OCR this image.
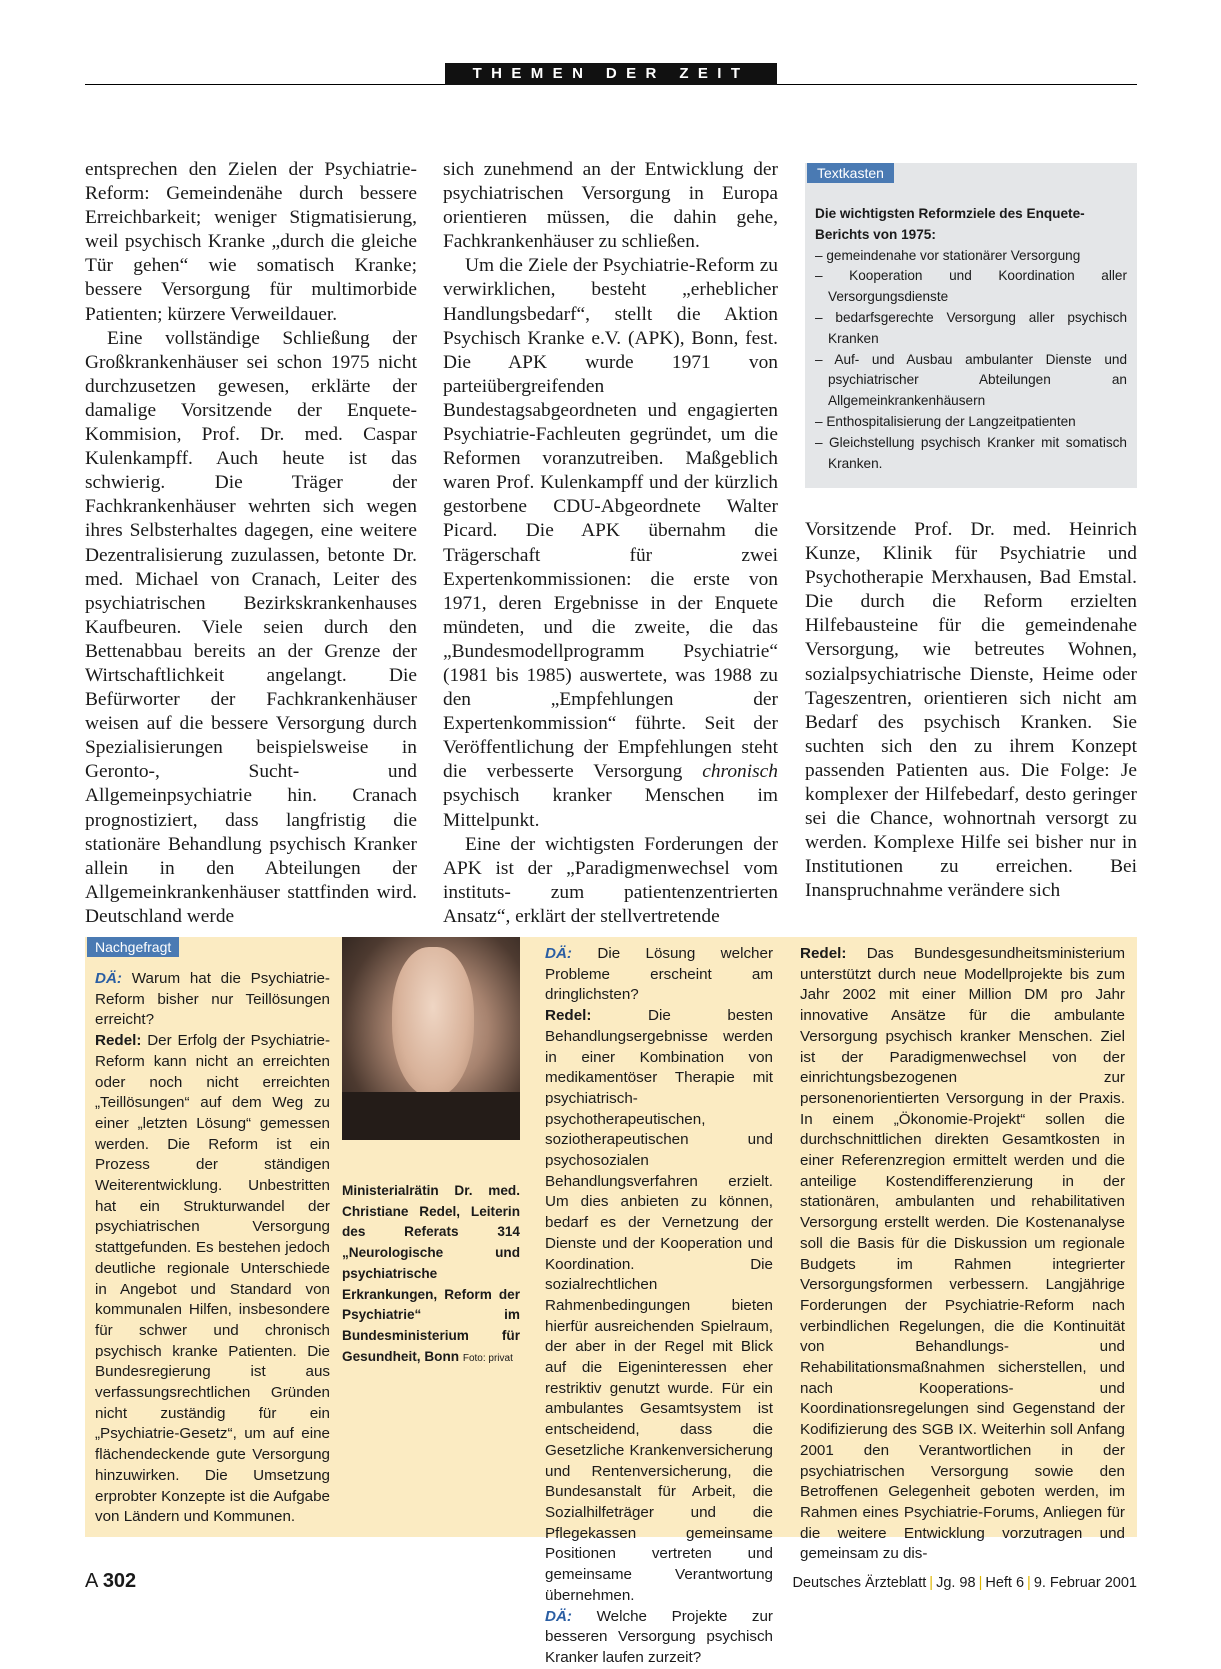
THEMEN DER ZEIT

entsprechen den Zielen der Psychiatrie-Reform: Gemeindenähe durch bessere Erreichbarkeit; weniger Stigmatisierung, weil psychisch Kranke „durch die gleiche Tür gehen“ wie somatisch Kranke; bessere Versorgung für multimorbide Patienten; kürzere Verweildauer.

Eine vollständige Schließung der Großkrankenhäuser sei schon 1975 nicht durchzusetzen gewesen, erklärte der damalige Vorsitzende der Enquete-Kommision, Prof. Dr. med. Caspar Kulenkampff. Auch heute ist das schwierig. Die Träger der Fachkrankenhäuser wehrten sich wegen ihres Selbsterhaltes dagegen, eine weitere Dezentralisierung zuzulassen, betonte Dr. med. Michael von Cranach, Leiter des psychiatrischen Bezirkskrankenhauses Kaufbeuren. Viele seien durch den Bettenabbau bereits an der Grenze der Wirtschaftlichkeit angelangt. Die Befürworter der Fachkrankenhäuser weisen auf die bessere Versorgung durch Spezialisierungen beispielsweise in Geronto-, Sucht- und Allgemeinpsychiatrie hin. Cranach prognostiziert, dass langfristig die stationäre Behandlung psychisch Kranker allein in den Abteilungen der Allgemeinkrankenhäuser stattfinden wird. Deutschland werde

sich zunehmend an der Entwicklung der psychiatrischen Versorgung in Europa orientieren müssen, die dahin gehe, Fachkrankenhäuser zu schließen.

Um die Ziele der Psychiatrie-Reform zu verwirklichen, besteht „erheblicher Handlungsbedarf“, stellt die Aktion Psychisch Kranke e.V. (APK), Bonn, fest. Die APK wurde 1971 von parteiübergreifenden Bundestagsabgeordneten und engagierten Psychiatrie-Fachleuten gegründet, um die Reformen voranzutreiben. Maßgeblich waren Prof. Kulenkampff und der kürzlich gestorbene CDU-Abgeordnete Walter Picard. Die APK übernahm die Trägerschaft für zwei Expertenkommissionen: die erste von 1971, deren Ergebnisse in der Enquete mündeten, und die zweite, die das „Bundesmodellprogramm Psychiatrie“ (1981 bis 1985) auswertete, was 1988 zu den „Empfehlungen der Expertenkommission“ führte. Seit der Veröffentlichung der Empfehlungen steht die verbesserte Versorgung chronisch psychisch kranker Menschen im Mittelpunkt.

Eine der wichtigsten Forderungen der APK ist der „Paradigmenwechsel vom instituts- zum patientenzentrierten Ansatz“, erklärt der stellvertretende

Textkasten

Die wichtigsten Reformziele des Enquete-Berichts von 1975:

– gemeindenahe vor stationärer Versorgung
– Kooperation und Koordination aller Versorgungsdienste
– bedarfsgerechte Versorgung aller psychisch Kranken
– Auf- und Ausbau ambulanter Dienste und psychiatrischer Abteilungen an Allgemeinkrankenhäusern
– Enthospitalisierung der Langzeitpatienten
– Gleichstellung psychisch Kranker mit somatisch Kranken.

Vorsitzende Prof. Dr. med. Heinrich Kunze, Klinik für Psychiatrie und Psychotherapie Merxhausen, Bad Emstal. Die durch die Reform erzielten Hilfebausteine für die gemeindenahe Versorgung, wie betreutes Wohnen, sozialpsychiatrische Dienste, Heime oder Tageszentren, orientieren sich nicht am Bedarf des psychisch Kranken. Sie suchten sich den zu ihrem Konzept passenden Patienten aus. Die Folge: Je komplexer der Hilfebedarf, desto geringer sei die Chance, wohnortnah versorgt zu werden. Komplexe Hilfe sei bisher nur in Institutionen zu erreichen. Bei Inanspruchnahme verändere sich

Nachgefragt
DÄ: Warum hat die Psychiatrie-Reform bisher nur Teillösungen erreicht?
Redel: Der Erfolg der Psychiatrie-Reform kann nicht an erreichten oder noch nicht erreichten „Teillösungen“ auf dem Weg zu einer „letzten Lösung“ gemessen werden. Die Reform ist ein Prozess der ständigen Weiterentwicklung. Unbestritten hat ein Strukturwandel der psychiatrischen Versorgung stattgefunden. Es bestehen jedoch deutliche regionale Unterschiede in Angebot und Standard von kommunalen Hilfen, insbesondere für schwer und chronisch psychisch kranke Patienten. Die Bundesregierung ist aus verfassungsrechtlichen Gründen nicht zuständig für ein „Psychiatrie-Gesetz“, um auf eine flächendeckende gute Versorgung hinzuwirken. Die Umsetzung erprobter Konzepte ist die Aufgabe von Ländern und Kommunen.
Ministerialrätin Dr. med. Christiane Redel, Leiterin des Referats 314 „Neurologische und psychiatrische Erkrankungen, Reform der Psychiatrie“ im Bundesministerium für Gesundheit, Bonn Foto: privat
DÄ: Die Lösung welcher Probleme erscheint am dringlichsten?
Redel:	Die besten Behandlungsergebnisse werden in einer Kombination von medikamentöser Therapie mit psychiatrisch-psychotherapeutischen, soziotherapeutischen und psychosozialen Behandlungsverfahren erzielt. Um dies anbieten zu können, bedarf es der Vernetzung der Dienste und der Kooperation und Koordination. Die sozialrechtlichen Rahmenbedingungen bieten hierfür ausreichenden Spielraum, der aber in der Regel mit Blick auf die Eigeninteressen eher restriktiv genutzt wurde. Für ein ambulantes Gesamtsystem ist entscheidend, dass die Gesetzliche Krankenversicherung und Rentenversicherung, die Bundesanstalt für Arbeit, die Sozialhilfeträger und die Pflegekassen gemeinsame Positionen vertreten und gemeinsame Verantwortung übernehmen.
DÄ: Welche Projekte zur besseren Versorgung psychisch Kranker laufen zurzeit?
Redel: Das Bundesgesundheitsministerium unterstützt durch neue Modellprojekte bis zum Jahr 2002 mit einer Million DM pro Jahr innovative Ansätze für die ambulante Versorgung psychisch kranker Menschen. Ziel ist der Paradigmenwechsel von der einrichtungsbezogenen zur personenorientierten Versorgung in der Praxis. In einem „Ökonomie-Projekt“ sollen die durchschnittlichen direkten Gesamtkosten in einer Referenzregion ermittelt werden und die anteilige Kostendifferenzierung in der stationären, ambulanten und rehabilitativen Versorgung erstellt werden. Die Kostenanalyse soll die Basis für die Diskussion um regionale Budgets im Rahmen integrierter Versorgungsformen verbessern. Langjährige Forderungen der Psychiatrie-Reform nach verbindlichen Regelungen, die die Kontinuität von Behandlungs- und Rehabilitationsmaßnahmen sicherstellen, und nach Kooperations- und Koordinationsregelungen sind Gegenstand der Kodifizierung des SGB IX. Weiterhin soll Anfang 2001 den Verantwortlichen in der psychiatrischen Versorgung sowie den Betroffenen Gelegenheit geboten werden, im Rahmen eines Psychiatrie-Forums, Anliegen für die weitere Entwicklung vorzutragen und gemeinsam zu dis-
A 302	Deutsches Ärzteblatt | Jg. 98 | Heft 6 | 9. Februar 2001
